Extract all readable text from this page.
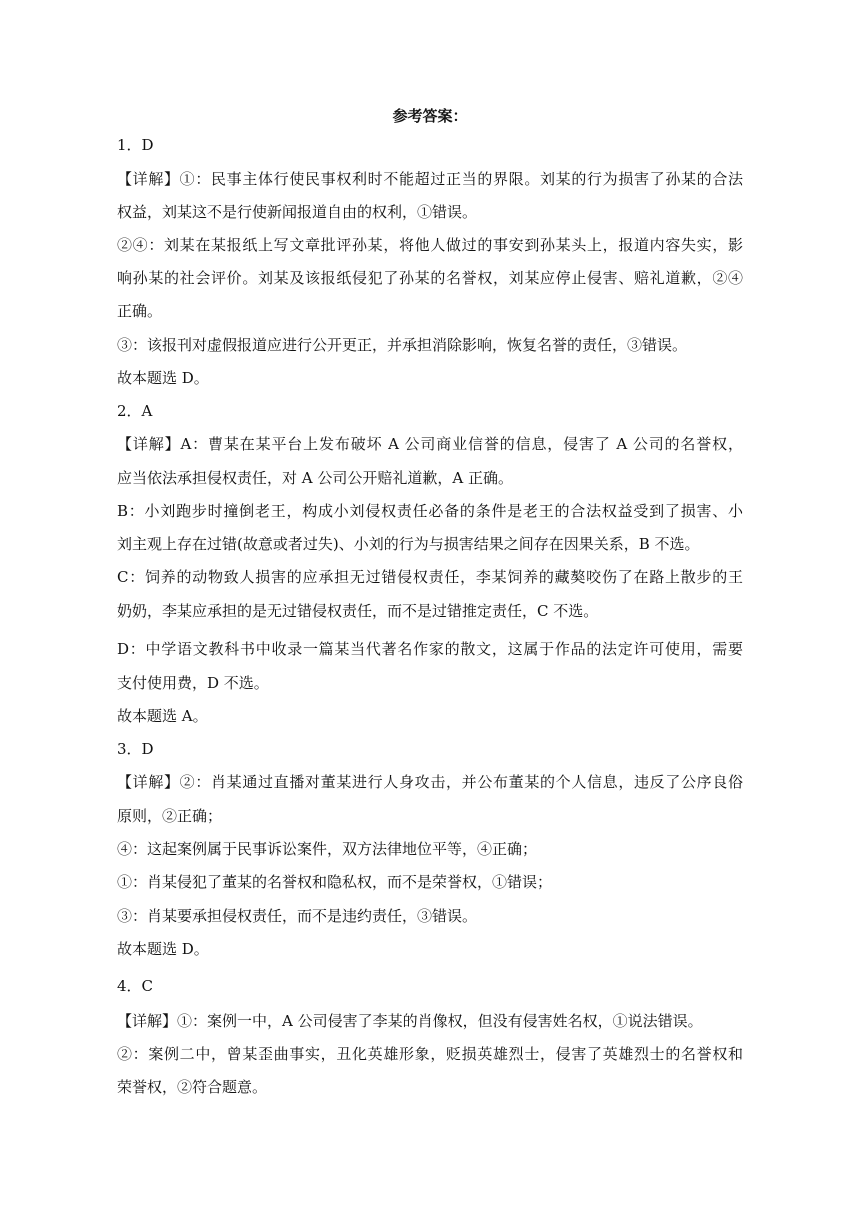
参考答案：
1．D
【详解】①：民事主体行使民事权利时不能超过正当的界限。刘某的行为损害了孙某的合法
权益，刘某这不是行使新闻报道自由的权利，①错误。
②④：刘某在某报纸上写文章批评孙某，将他人做过的事安到孙某头上，报道内容失实，影
响孙某的社会评价。刘某及该报纸侵犯了孙某的名誉权，刘某应停止侵害、赔礼道歉，②④
正确。
③：该报刊对虚假报道应进行公开更正，并承担消除影响，恢复名誉的责任，③错误。
故本题选 D。
2．A
【详解】A：曹某在某平台上发布破坏 A 公司商业信誉的信息，侵害了 A 公司的名誉权，
应当依法承担侵权责任，对 A 公司公开赔礼道歉，A 正确。
B：小刘跑步时撞倒老王，构成小刘侵权责任必备的条件是老王的合法权益受到了损害、小
刘主观上存在过错(故意或者过失)、小刘的行为与损害结果之间存在因果关系，B 不选。
C：饲养的动物致人损害的应承担无过错侵权责任，李某饲养的藏獒咬伤了在路上散步的王
奶奶，李某应承担的是无过错侵权责任，而不是过错推定责任，C 不选。
D：中学语文教科书中收录一篇某当代著名作家的散文，这属于作品的法定许可使用，需要
支付使用费，D 不选。
故本题选 A。
3．D
【详解】②：肖某通过直播对董某进行人身攻击，并公布董某的个人信息，违反了公序良俗
原则，②正确；
④：这起案例属于民事诉讼案件，双方法律地位平等，④正确；
①：肖某侵犯了董某的名誉权和隐私权，而不是荣誉权，①错误；
③：肖某要承担侵权责任，而不是违约责任，③错误。
故本题选 D。
4．C
【详解】①：案例一中，A 公司侵害了李某的肖像权，但没有侵害姓名权，①说法错误。
②：案例二中，曾某歪曲事实，丑化英雄形象，贬损英雄烈士，侵害了英雄烈士的名誉权和
荣誉权，②符合题意。
